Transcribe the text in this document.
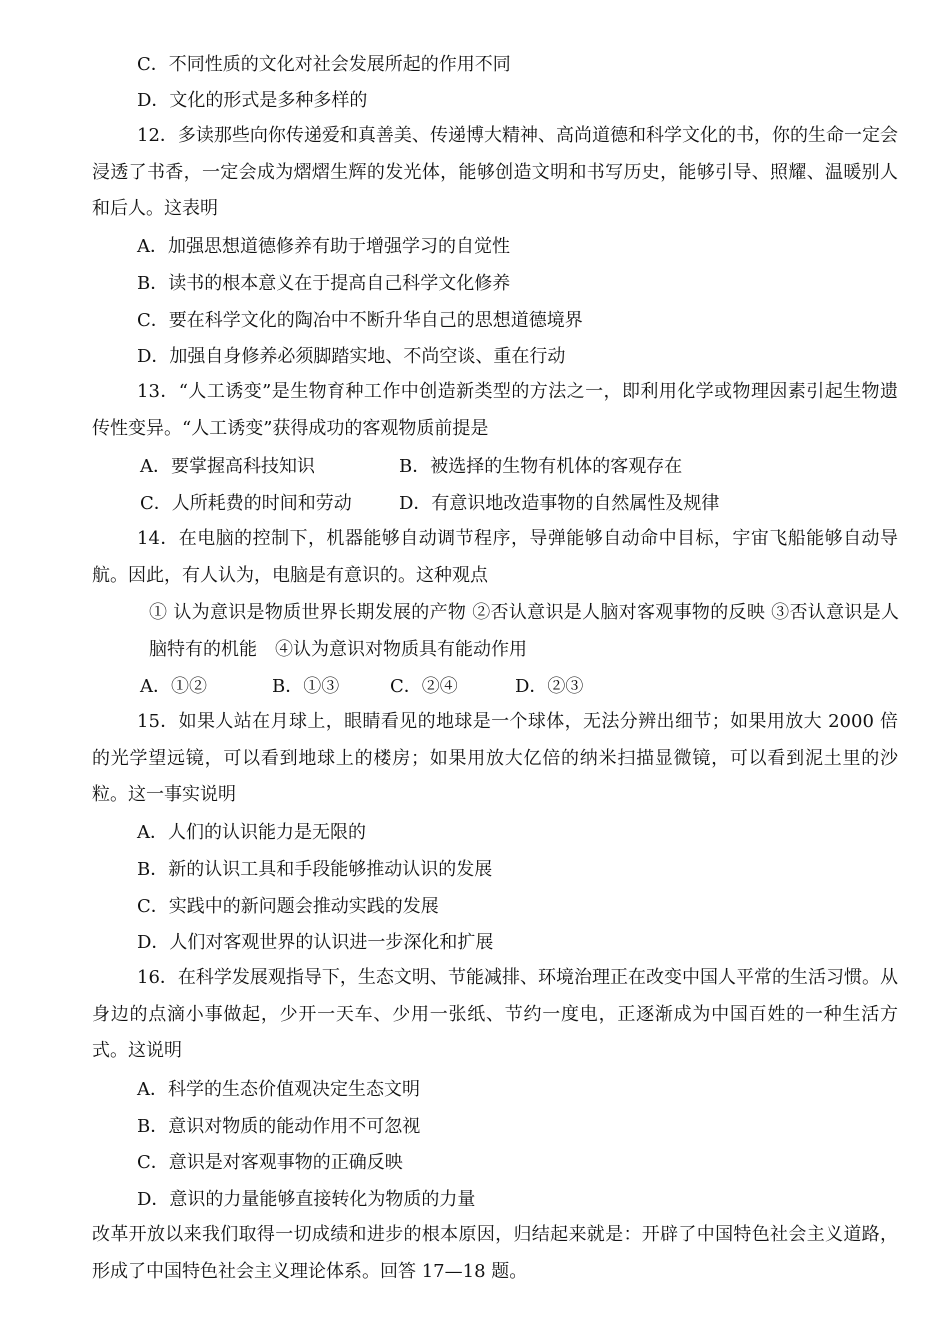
C．不同性质的文化对社会发展所起的作用不同
D．文化的形式是多种多样的
12．多读那些向你传递爱和真善美、传递博大精神、高尚道德和科学文化的书，你的生命一定会浸透了书香，一定会成为熠熠生辉的发光体，能够创造文明和书写历史，能够引导、照耀、温暖别人和后人。这表明
A．加强思想道德修养有助于增强学习的自觉性
B．读书的根本意义在于提高自己科学文化修养
C．要在科学文化的陶冶中不断升华自己的思想道德境界
D．加强自身修养必须脚踏实地、不尚空谈、重在行动
13．“人工诱变”是生物育种工作中创造新类型的方法之一，即利用化学或物理因素引起生物遗传性变异。“人工诱变”获得成功的客观物质前提是
A．要掌握高科技知识	B．被选择的生物有机体的客观存在
C．人所耗费的时间和劳动	D．有意识地改造事物的自然属性及规律
14．在电脑的控制下，机器能够自动调节程序，导弹能够自动命中目标，宇宙飞船能够自动导航。因此，有人认为，电脑是有意识的。这种观点
① 认为意识是物质世界长期发展的产物 ②否认意识是人脑对客观事物的反映 ③否认意识是人脑特有的机能　④认为意识对物质具有能动作用
A．①②	B．①③	C．②④	D．②③
15．如果人站在月球上，眼睛看见的地球是一个球体，无法分辨出细节；如果用放大 2000 倍的光学望远镜，可以看到地球上的楼房；如果用放大亿倍的纳米扫描显微镜，可以看到泥土里的沙粒。这一事实说明
A．人们的认识能力是无限的
B．新的认识工具和手段能够推动认识的发展
C．实践中的新问题会推动实践的发展
D．人们对客观世界的认识进一步深化和扩展
16．在科学发展观指导下，生态文明、节能减排、环境治理正在改变中国人平常的生活习惯。从身边的点滴小事做起，少开一天车、少用一张纸、节约一度电，正逐渐成为中国百姓的一种生活方式。这说明
A．科学的生态价值观决定生态文明
B．意识对物质的能动作用不可忽视
C．意识是对客观事物的正确反映
D．意识的力量能够直接转化为物质的力量
改革开放以来我们取得一切成绩和进步的根本原因，归结起来就是：开辟了中国特色社会主义道路，形成了中国特色社会主义理论体系。回答 17—18 题。
